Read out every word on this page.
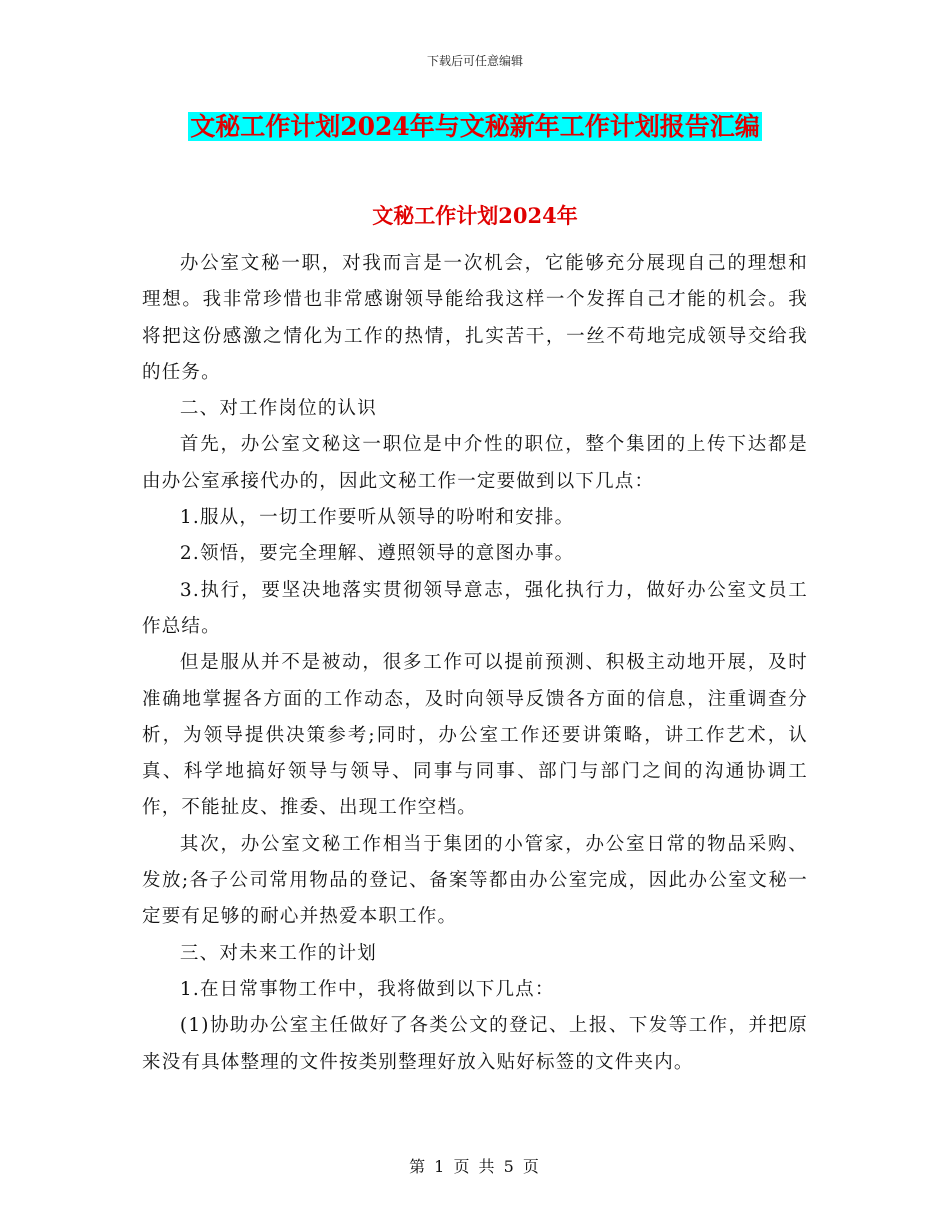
下载后可任意编辑
文秘工作计划2024年与文秘新年工作计划报告汇编
文秘工作计划2024年

办公室文秘一职，对我而言是一次机会，它能够充分展现自己的理想和理想。我非常珍惜也非常感谢领导能给我这样一个发挥自己才能的机会。我将把这份感激之情化为工作的热情，扎实苦干，一丝不苟地完成领导交给我的任务。

二、对工作岗位的认识

首先，办公室文秘这一职位是中介性的职位，整个集团的上传下达都是由办公室承接代办的，因此文秘工作一定要做到以下几点：

1.服从，一切工作要听从领导的吩咐和安排。

2.领悟，要完全理解、遵照领导的意图办事。

3.执行，要坚决地落实贯彻领导意志，强化执行力，做好办公室文员工作总结。

但是服从并不是被动，很多工作可以提前预测、积极主动地开展，及时准确地掌握各方面的工作动态，及时向领导反馈各方面的信息，注重调查分析，为领导提供决策参考;同时，办公室工作还要讲策略，讲工作艺术，认真、科学地搞好领导与领导、同事与同事、部门与部门之间的沟通协调工作，不能扯皮、推委、出现工作空档。

其次，办公室文秘工作相当于集团的小管家，办公室日常的物品采购、发放;各子公司常用物品的登记、备案等都由办公室完成，因此办公室文秘一定要有足够的耐心并热爱本职工作。

三、对未来工作的计划

1.在日常事物工作中，我将做到以下几点：

(1)协助办公室主任做好了各类公文的登记、上报、下发等工作，并把原来没有具体整理的文件按类别整理好放入贴好标签的文件夹内。

第 1 页 共 5 页
